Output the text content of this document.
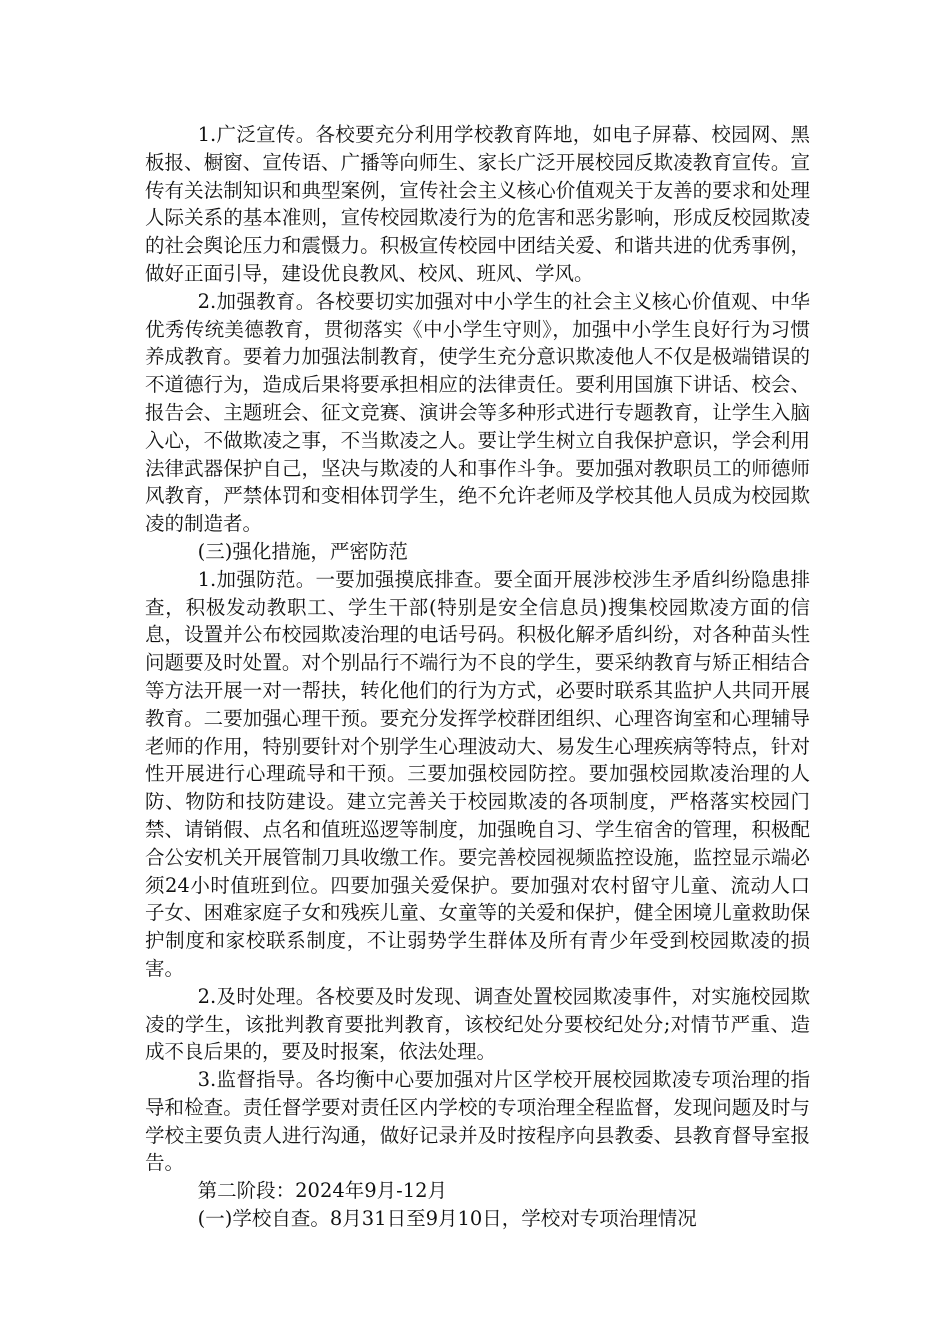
1.广泛宣传。各校要充分利用学校教育阵地，如电子屏幕、校园网、黑板报、橱窗、宣传语、广播等向师生、家长广泛开展校园反欺凌教育宣传。宣传有关法制知识和典型案例，宣传社会主义核心价值观关于友善的要求和处理人际关系的基本准则，宣传校园欺凌行为的危害和恶劣影响，形成反校园欺凌的社会舆论压力和震慑力。积极宣传校园中团结关爱、和谐共进的优秀事例，做好正面引导，建设优良教风、校风、班风、学风。

2.加强教育。各校要切实加强对中小学生的社会主义核心价值观、中华优秀传统美德教育，贯彻落实《中小学生守则》，加强中小学生良好行为习惯养成教育。要着力加强法制教育，使学生充分意识欺凌他人不仅是极端错误的不道德行为，造成后果将要承担相应的法律责任。要利用国旗下讲话、校会、报告会、主题班会、征文竞赛、演讲会等多种形式进行专题教育，让学生入脑入心，不做欺凌之事，不当欺凌之人。要让学生树立自我保护意识，学会利用法律武器保护自己，坚决与欺凌的人和事作斗争。要加强对教职员工的师德师风教育，严禁体罚和变相体罚学生，绝不允许老师及学校其他人员成为校园欺凌的制造者。

(三)强化措施，严密防范

1.加强防范。一要加强摸底排查。要全面开展涉校涉生矛盾纠纷隐患排查，积极发动教职工、学生干部(特别是安全信息员)搜集校园欺凌方面的信息，设置并公布校园欺凌治理的电话号码。积极化解矛盾纠纷，对各种苗头性问题要及时处置。对个别品行不端行为不良的学生，要采纳教育与矫正相结合等方法开展一对一帮扶，转化他们的行为方式，必要时联系其监护人共同开展教育。二要加强心理干预。要充分发挥学校群团组织、心理咨询室和心理辅导老师的作用，特别要针对个别学生心理波动大、易发生心理疾病等特点，针对性开展进行心理疏导和干预。三要加强校园防控。要加强校园欺凌治理的人防、物防和技防建设。建立完善关于校园欺凌的各项制度，严格落实校园门禁、请销假、点名和值班巡逻等制度，加强晚自习、学生宿舍的管理，积极配合公安机关开展管制刀具收缴工作。要完善校园视频监控设施，监控显示端必须24小时值班到位。四要加强关爱保护。要加强对农村留守儿童、流动人口子女、困难家庭子女和残疾儿童、女童等的关爱和保护，健全困境儿童救助保护制度和家校联系制度，不让弱势学生群体及所有青少年受到校园欺凌的损害。

2.及时处理。各校要及时发现、调查处置校园欺凌事件，对实施校园欺凌的学生，该批判教育要批判教育，该校纪处分要校纪处分;对情节严重、造成不良后果的，要及时报案，依法处理。

3.监督指导。各均衡中心要加强对片区学校开展校园欺凌专项治理的指导和检查。责任督学要对责任区内学校的专项治理全程监督，发现问题及时与学校主要负责人进行沟通，做好记录并及时按程序向县教委、县教育督导室报告。

第二阶段：2024年9月-12月

(一)学校自查。8月31日至9月10日，学校对专项治理情况
